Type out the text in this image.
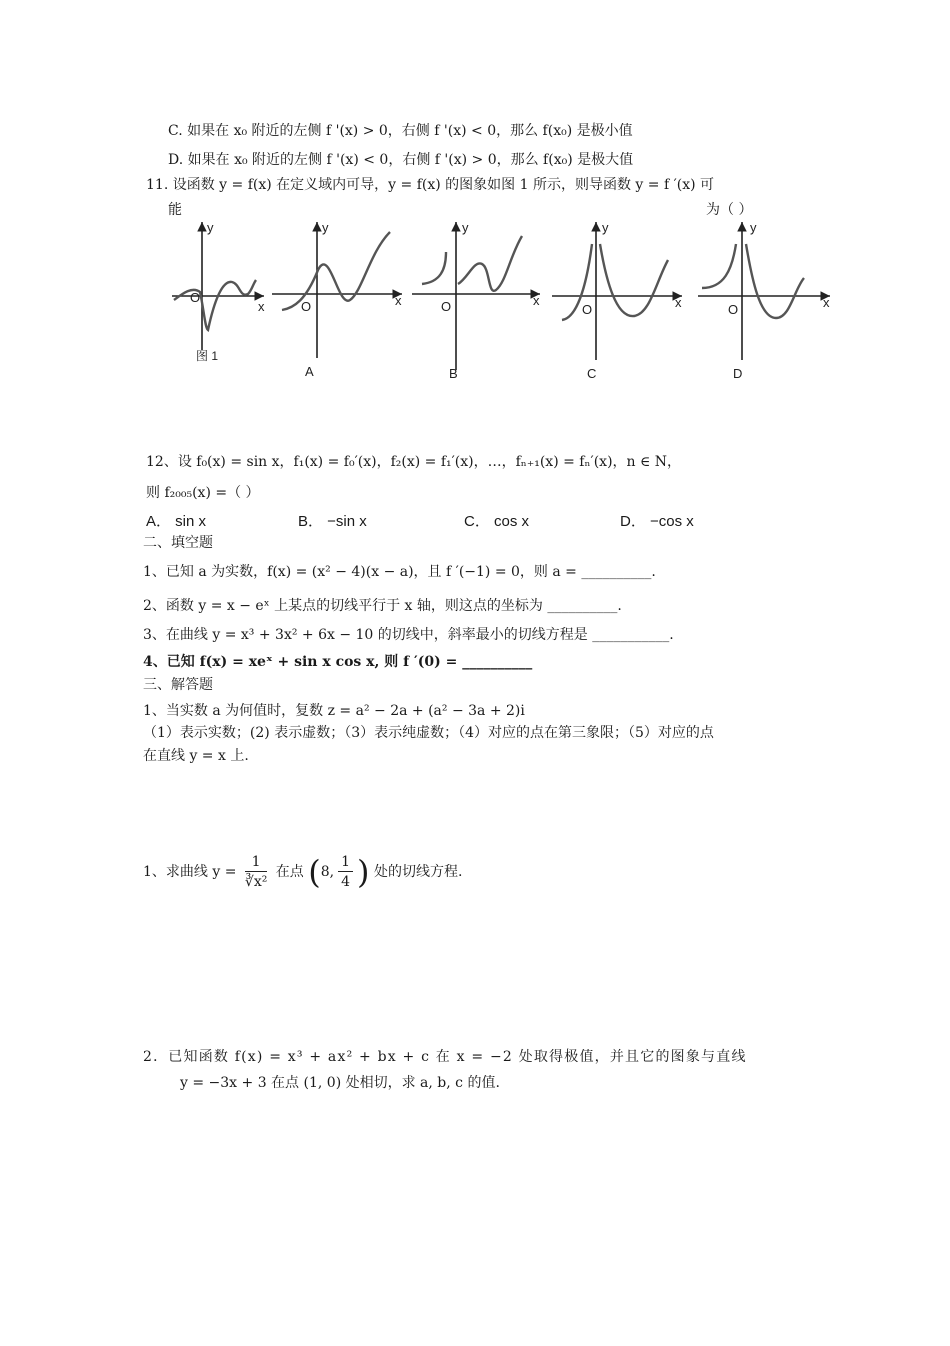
C. 如果在 x₀ 附近的左侧 f '(x) > 0，右侧 f '(x) < 0，那么 f(x₀) 是极小值
D. 如果在 x₀ 附近的左侧 f '(x) < 0，右侧 f '(x) > 0，那么 f(x₀) 是极大值
11. 设函数 y = f(x) 在定义域内可导，y = f(x) 的图象如图 1 所示，则导函数 y = f ′(x) 可
能	为（ ）
O
x
y
图 1
O	x
y
A
O	x
y
B
O	x
y
C
O	x
y
D
12、设 f₀(x) = sin x，f₁(x) = f₀′(x)，f₂(x) = f₁′(x)，…，fₙ₊₁(x) = fₙ′(x)，n ∈ N，
则 f₂₀₀₅(x) =（ ）
A． sin x	B． −sin x	C． cos x	D． −cos x
二、填空题
1、已知 a 为实数，f(x) = (x² − 4)(x − a)，且 f ′(−1) = 0，则 a = __________.
2、函数 y = x − eˣ 上某点的切线平行于 x 轴，则这点的坐标为 __________.
3、在曲线 y = x³ + 3x² + 6x − 10 的切线中，斜率最小的切线方程是 ___________.
4、已知 f(x) = xeˣ + sin x cos x, 则 f ′(0) = __________
三、解答题
1、当实数 a 为何值时，复数 z = a² − 2a + (a² − 3a + 2)i
（1）表示实数；(2) 表示虚数；（3）表示纯虚数；（4）对应的点在第三象限；（5）对应的点
在直线 y = x 上.
1、求曲线 $y = \frac{1}{\text{∛x²}}$ 在点 (8, $\frac{1}{4}$ ) 处的切线方程.
2．已知函数 f(x) = x³ + ax² + bx + c 在 x = −2 处取得极值，并且它的图象与直线
y = −3x + 3 在点 (1, 0) 处相切，求 a, b, c 的值.
